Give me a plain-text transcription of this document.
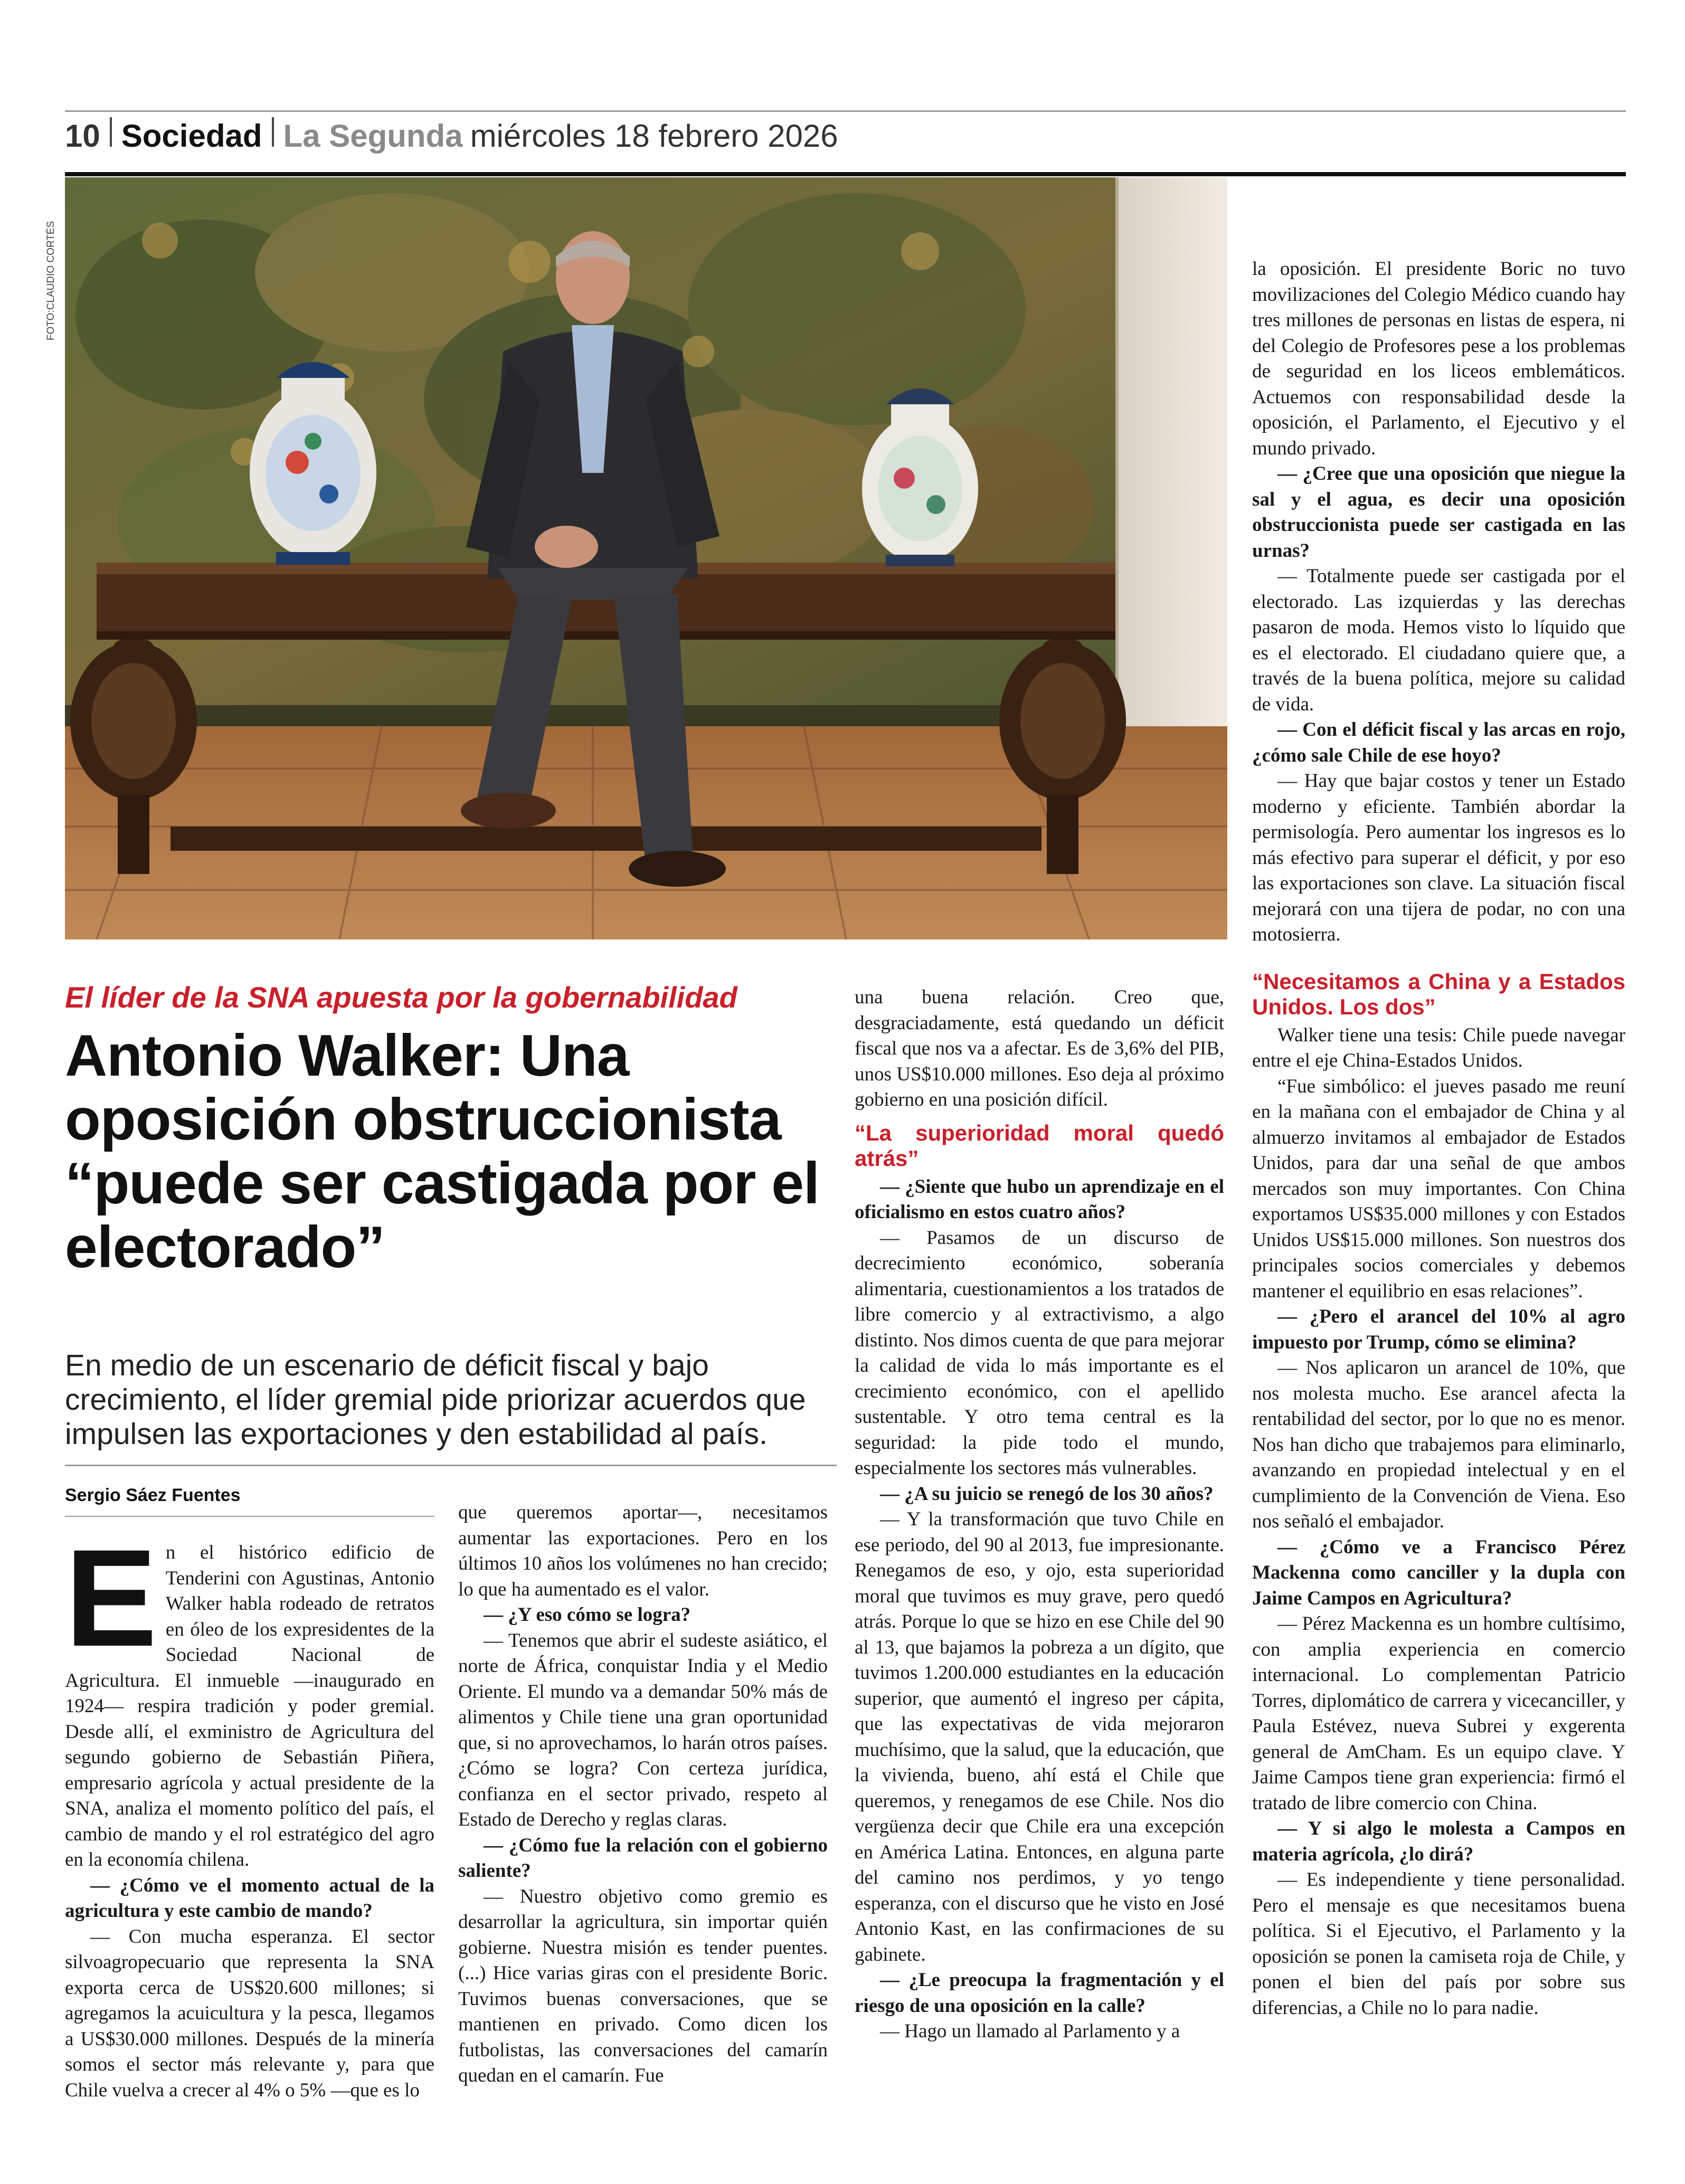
10 Sociedad La Segunda miércoles 18 febrero 2026
FOTO:CLAUDIO CORTÉS
El líder de la SNA apuesta por la gobernabilidad
Antonio Walker: Una oposición obstruccionista “puede ser castigada por el electorado”
En medio de un escenario de déficit fiscal y bajo crecimiento, el líder gremial pide priorizar acuerdos que impulsen las exportaciones y den estabilidad al país.
Sergio Sáez Fuentes

En el histórico edificio de Tenderini con Agustinas, Antonio Walker habla rodeado de retratos en óleo de los expresidentes de la Sociedad Nacional de Agricultura. El inmueble —inaugurado en 1924— respira tradición y poder gremial. Desde allí, el exministro de Agricultura del segundo gobierno de Sebastián Piñera, empresario agrícola y actual presidente de la SNA, analiza el momento político del país, el cambio de mando y el rol estratégico del agro en la economía chilena.

— ¿Cómo ve el momento actual de la agricultura y este cambio de mando?

— Con mucha esperanza. El sector silvoagropecuario que representa la SNA exporta cerca de US$20.600 millones; si agregamos la acuicultura y la pesca, llegamos a US$30.000 millones. Después de la minería somos el sector más relevante y, para que Chile vuelva a crecer al 4% o 5% —que es lo

que queremos aportar—, necesitamos aumentar las exportaciones. Pero en los últimos 10 años los volúmenes no han crecido; lo que ha aumentado es el valor.

— ¿Y eso cómo se logra?

— Tenemos que abrir el sudeste asiático, el norte de África, conquistar India y el Medio Oriente. El mundo va a demandar 50% más de alimentos y Chile tiene una gran oportunidad que, si no aprovechamos, lo harán otros países. ¿Cómo se logra? Con certeza jurídica, confianza en el sector privado, respeto al Estado de Derecho y reglas claras.

— ¿Cómo fue la relación con el gobierno saliente?

— Nuestro objetivo como gremio es desarrollar la agricultura, sin importar quién gobierne. Nuestra misión es tender puentes. (...) Hice varias giras con el presidente Boric. Tuvimos buenas conversaciones, que se mantienen en privado. Como dicen los futbolistas, las conversaciones del camarín quedan en el camarín. Fue

una buena relación. Creo que, desgraciadamente, está quedando un déficit fiscal que nos va a afectar. Es de 3,6% del PIB, unos US$10.000 millones. Eso deja al próximo gobierno en una posición difícil.

“La superioridad moral quedó atrás”

— ¿Siente que hubo un aprendizaje en el oficialismo en estos cuatro años?

— Pasamos de un discurso de decrecimiento económico, soberanía alimentaria, cuestionamientos a los tratados de libre comercio y al extractivismo, a algo distinto. Nos dimos cuenta de que para mejorar la calidad de vida lo más importante es el crecimiento económico, con el apellido sustentable. Y otro tema central es la seguridad: la pide todo el mundo, especialmente los sectores más vulnerables.

— ¿A su juicio se renegó de los 30 años?

— Y la transformación que tuvo Chile en ese periodo, del 90 al 2013, fue impresionante. Renegamos de eso, y ojo, esta superioridad moral que tuvimos es muy grave, pero quedó atrás. Porque lo que se hizo en ese Chile del 90 al 13, que bajamos la pobreza a un dígito, que tuvimos 1.200.000 estudiantes en la educación superior, que aumentó el ingreso per cápita, que las expectativas de vida mejoraron muchísimo, que la salud, que la educación, que la vivienda, bueno, ahí está el Chile que queremos, y renegamos de ese Chile. Nos dio vergüenza decir que Chile era una excepción en América Latina. Entonces, en alguna parte del camino nos perdimos, y yo tengo esperanza, con el discurso que he visto en José Antonio Kast, en las confirmaciones de su gabinete.

— ¿Le preocupa la fragmentación y el riesgo de una oposición en la calle?

— Hago un llamado al Parlamento y a

la oposición. El presidente Boric no tuvo movilizaciones del Colegio Médico cuando hay tres millones de personas en listas de espera, ni del Colegio de Profesores pese a los problemas de seguridad en los liceos emblemáticos. Actuemos con responsabilidad desde la oposición, el Parlamento, el Ejecutivo y el mundo privado.

— ¿Cree que una oposición que niegue la sal y el agua, es decir una oposición obstruccionista puede ser castigada en las urnas?

— Totalmente puede ser castigada por el electorado. Las izquierdas y las derechas pasaron de moda. Hemos visto lo líquido que es el electorado. El ciudadano quiere que, a través de la buena política, mejore su calidad de vida.

— Con el déficit fiscal y las arcas en rojo, ¿cómo sale Chile de ese hoyo?

— Hay que bajar costos y tener un Estado moderno y eficiente. También abordar la permisología. Pero aumentar los ingresos es lo más efectivo para superar el déficit, y por eso las exportaciones son clave. La situación fiscal mejorará con una tijera de podar, no con una motosierra.

“Necesitamos a China y a Estados Unidos. Los dos”

Walker tiene una tesis: Chile puede navegar entre el eje China-Estados Unidos.

“Fue simbólico: el jueves pasado me reuní en la mañana con el embajador de China y al almuerzo invitamos al embajador de Estados Unidos, para dar una señal de que ambos mercados son muy importantes. Con China exportamos US$35.000 millones y con Estados Unidos US$15.000 millones. Son nuestros dos principales socios comerciales y debemos mantener el equilibrio en esas relaciones”.

— ¿Pero el arancel del 10% al agro impuesto por Trump, cómo se elimina?

— Nos aplicaron un arancel de 10%, que nos molesta mucho. Ese arancel afecta la rentabilidad del sector, por lo que no es menor. Nos han dicho que trabajemos para eliminarlo, avanzando en propiedad intelectual y en el cumplimiento de la Convención de Viena. Eso nos señaló el embajador.

— ¿Cómo ve a Francisco Pérez Mackenna como canciller y la dupla con Jaime Campos en Agricultura?

— Pérez Mackenna es un hombre cultísimo, con amplia experiencia en comercio internacional. Lo complementan Patricio Torres, diplomático de carrera y vicecanciller, y Paula Estévez, nueva Subrei y exgerenta general de AmCham. Es un equipo clave. Y Jaime Campos tiene gran experiencia: firmó el tratado de libre comercio con China.

— Y si algo le molesta a Campos en materia agrícola, ¿lo dirá?

— Es independiente y tiene personalidad. Pero el mensaje es que necesitamos buena política. Si el Ejecutivo, el Parlamento y la oposición se ponen la camiseta roja de Chile, y ponen el bien del país por sobre sus diferencias, a Chile no lo para nadie.
